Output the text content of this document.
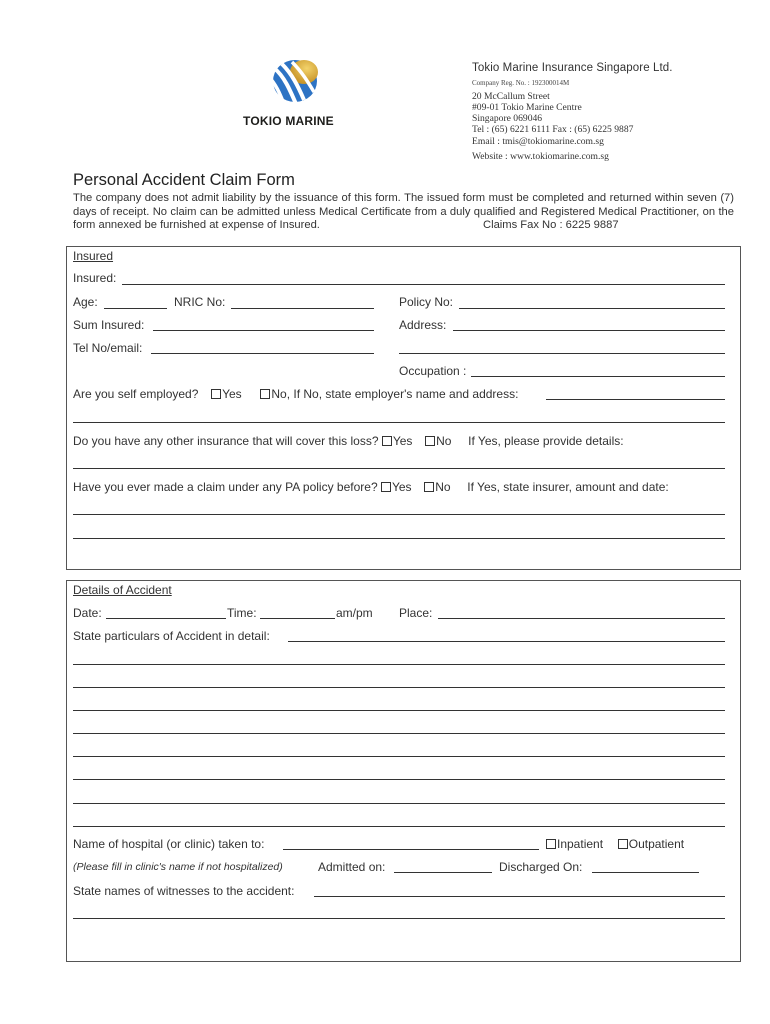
TOKIO MARINE
Tokio Marine Insurance Singapore Ltd.
Company Reg. No. : 192300014M
20 McCallum Street
#09-01 Tokio Marine Centre
Singapore 069046
Tel : (65) 6221 6111 Fax : (65) 6225 9887
Email : tmis@tokiomarine.com.sg
Website : www.tokiomarine.com.sg
Personal Accident Claim Form
The company does not admit liability by the issuance of this form. The issued form must be completed and returned within seven (7) days of receipt. No claim can be admitted unless Medical Certificate from a duly qualified and Registered Medical Practitioner, on the form annexed be furnished at expense of Insured.	Claims Fax No : 6225 9887
Insured
Insured:
Age:	NRIC No:	Policy No:
Sum Insured:	Address:
Tel No/email:
Occupation :
Are you self employed? Yes No, If No, state employer's name and address:
Do you have any other insurance that will cover this loss? Yes No If Yes, please provide details:
Have you ever made a claim under any PA policy before? Yes No If Yes, state insurer, amount and date:
Details of Accident
Date:	Time:	am/pm Place:
State particulars of Accident in detail:
Name of hospital (or clinic) taken to:	Inpatient Outpatient
(Please fill in clinic's name if not hospitalized)	Admitted on:	Discharged On:
State names of witnesses to the accident:
